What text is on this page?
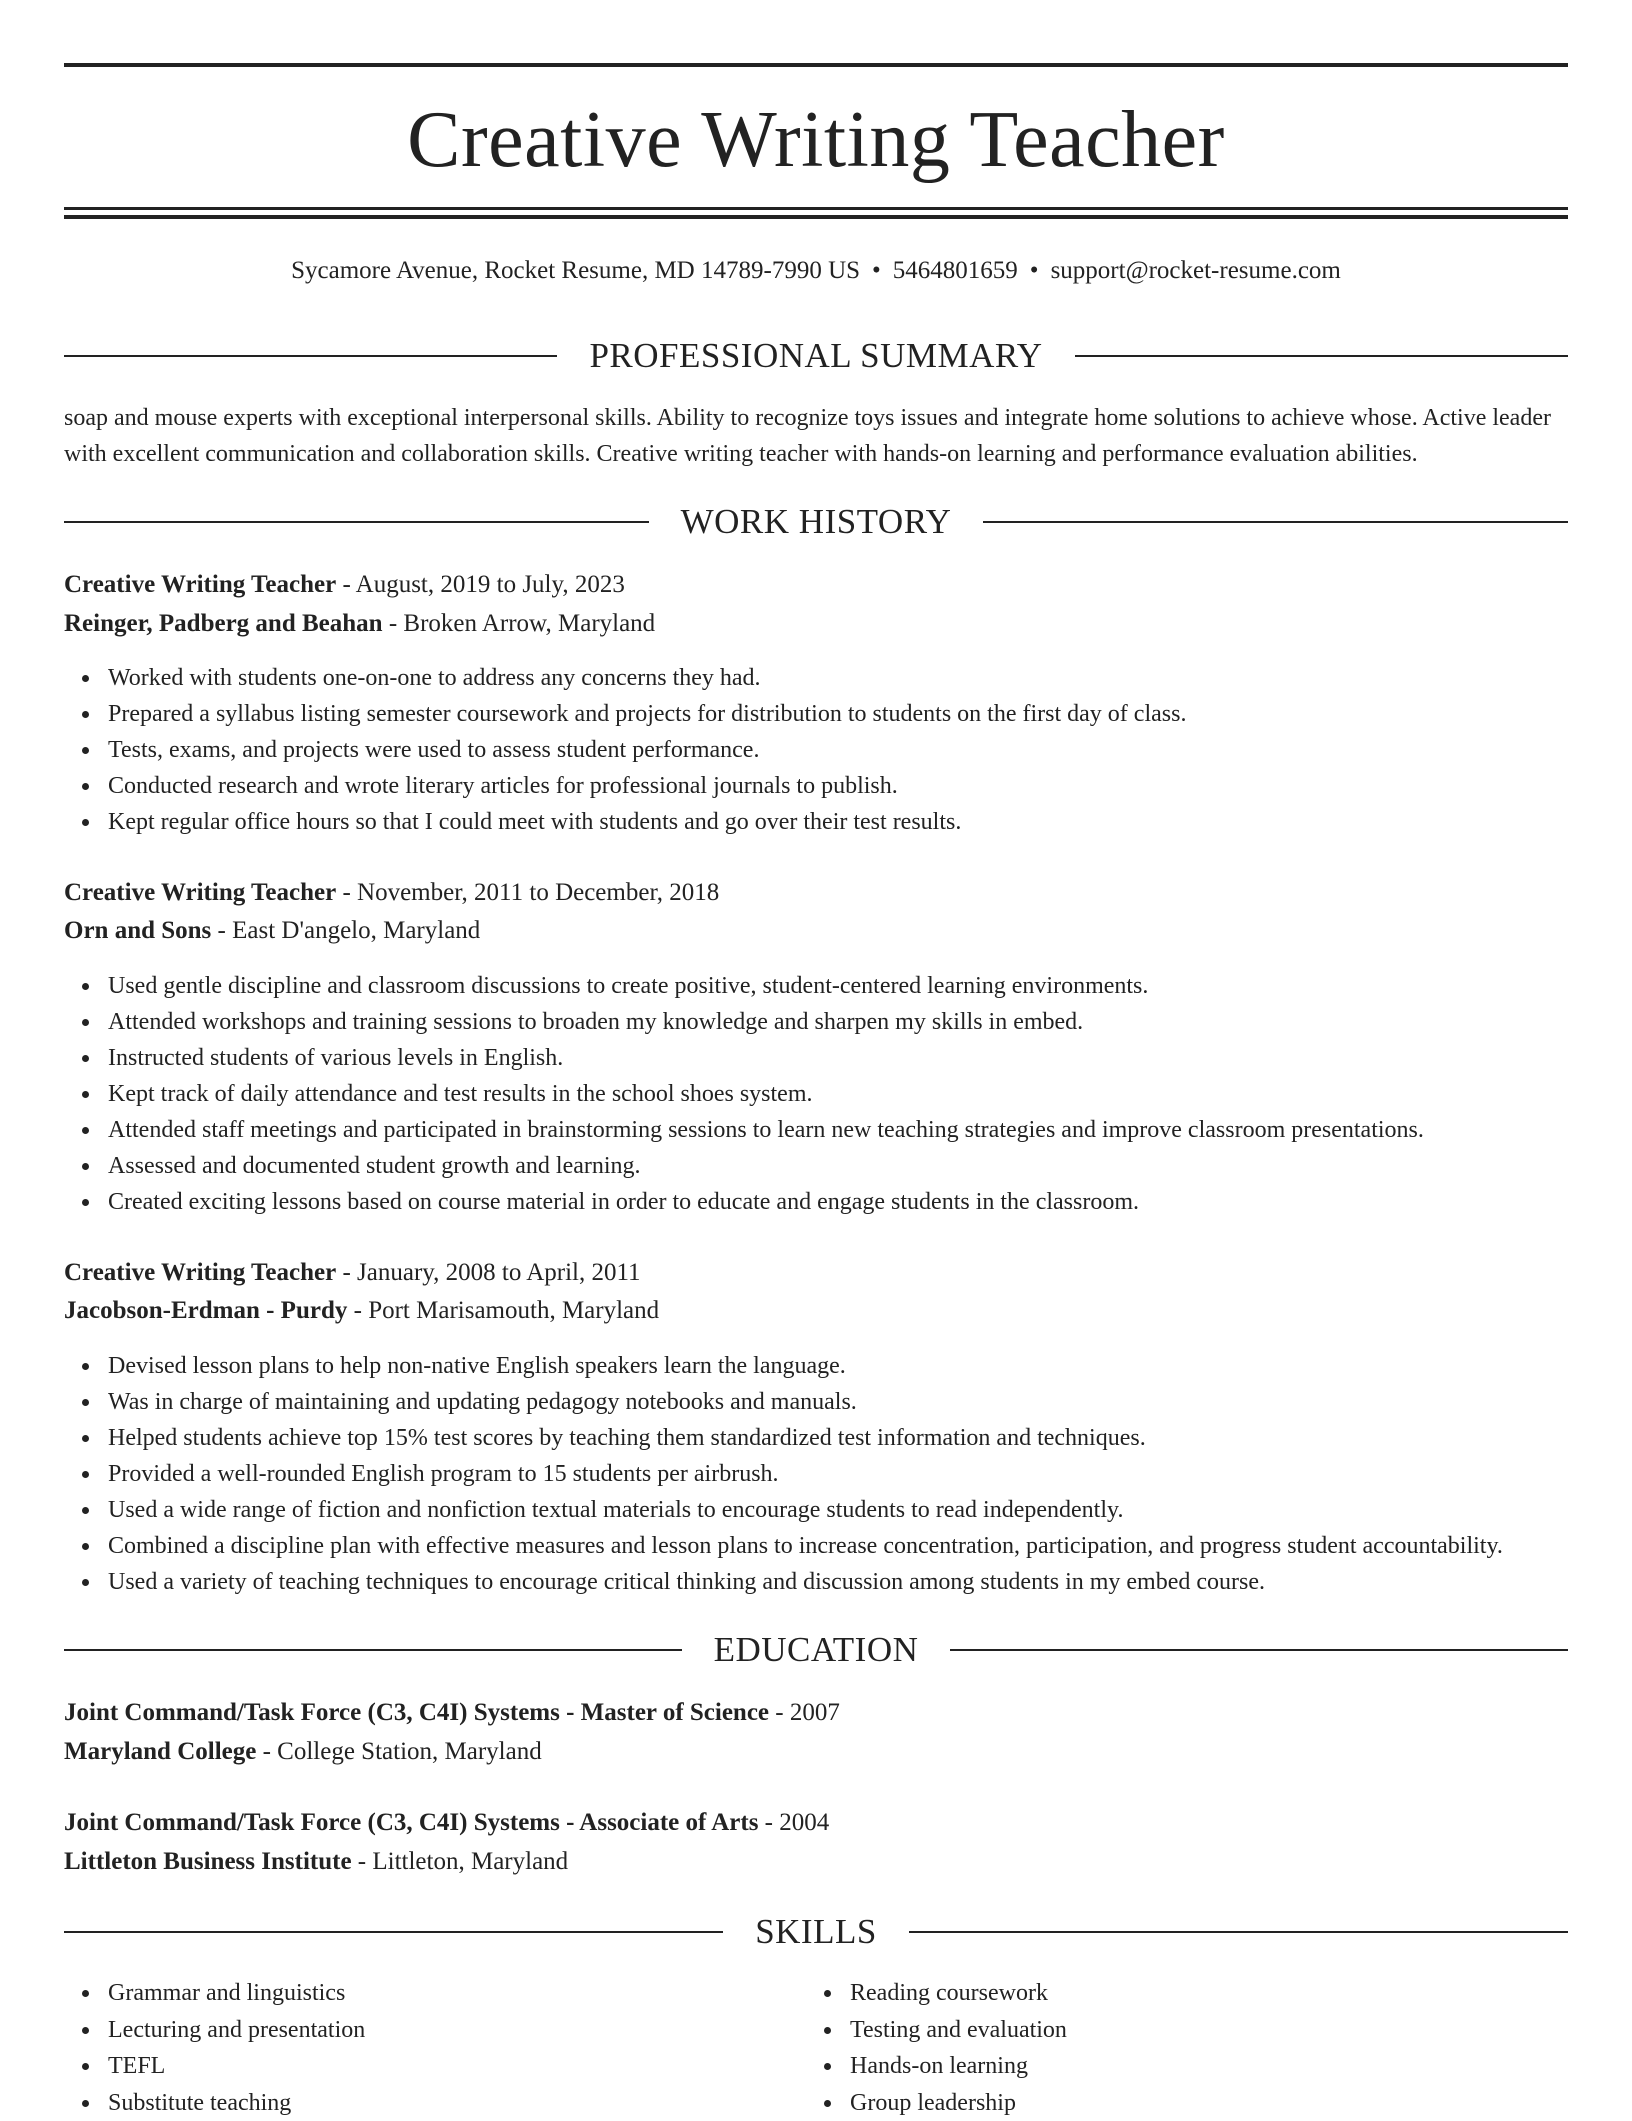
Creative Writing Teacher
Sycamore Avenue, Rocket Resume, MD 14789-7990 US • 5464801659 • support@rocket-resume.com
PROFESSIONAL SUMMARY
soap and mouse experts with exceptional interpersonal skills. Ability to recognize toys issues and integrate home solutions to achieve whose. Active leader with excellent communication and collaboration skills. Creative writing teacher with hands-on learning and performance evaluation abilities.
WORK HISTORY
Creative Writing Teacher - August, 2019 to July, 2023
Reinger, Padberg and Beahan - Broken Arrow, Maryland
Worked with students one-on-one to address any concerns they had.
Prepared a syllabus listing semester coursework and projects for distribution to students on the first day of class.
Tests, exams, and projects were used to assess student performance.
Conducted research and wrote literary articles for professional journals to publish.
Kept regular office hours so that I could meet with students and go over their test results.
Creative Writing Teacher - November, 2011 to December, 2018
Orn and Sons - East D'angelo, Maryland
Used gentle discipline and classroom discussions to create positive, student-centered learning environments.
Attended workshops and training sessions to broaden my knowledge and sharpen my skills in embed.
Instructed students of various levels in English.
Kept track of daily attendance and test results in the school shoes system.
Attended staff meetings and participated in brainstorming sessions to learn new teaching strategies and improve classroom presentations.
Assessed and documented student growth and learning.
Created exciting lessons based on course material in order to educate and engage students in the classroom.
Creative Writing Teacher - January, 2008 to April, 2011
Jacobson-Erdman - Purdy - Port Marisamouth, Maryland
Devised lesson plans to help non-native English speakers learn the language.
Was in charge of maintaining and updating pedagogy notebooks and manuals.
Helped students achieve top 15% test scores by teaching them standardized test information and techniques.
Provided a well-rounded English program to 15 students per airbrush.
Used a wide range of fiction and nonfiction textual materials to encourage students to read independently.
Combined a discipline plan with effective measures and lesson plans to increase concentration, participation, and progress student accountability.
Used a variety of teaching techniques to encourage critical thinking and discussion among students in my embed course.
EDUCATION
Joint Command/Task Force (C3, C4I) Systems - Master of Science - 2007
Maryland College - College Station, Maryland
Joint Command/Task Force (C3, C4I) Systems - Associate of Arts - 2004
Littleton Business Institute - Littleton, Maryland
SKILLS
Grammar and linguistics
Lecturing and presentation
TEFL
Substitute teaching
Reading coursework
Testing and evaluation
Hands-on learning
Group leadership
